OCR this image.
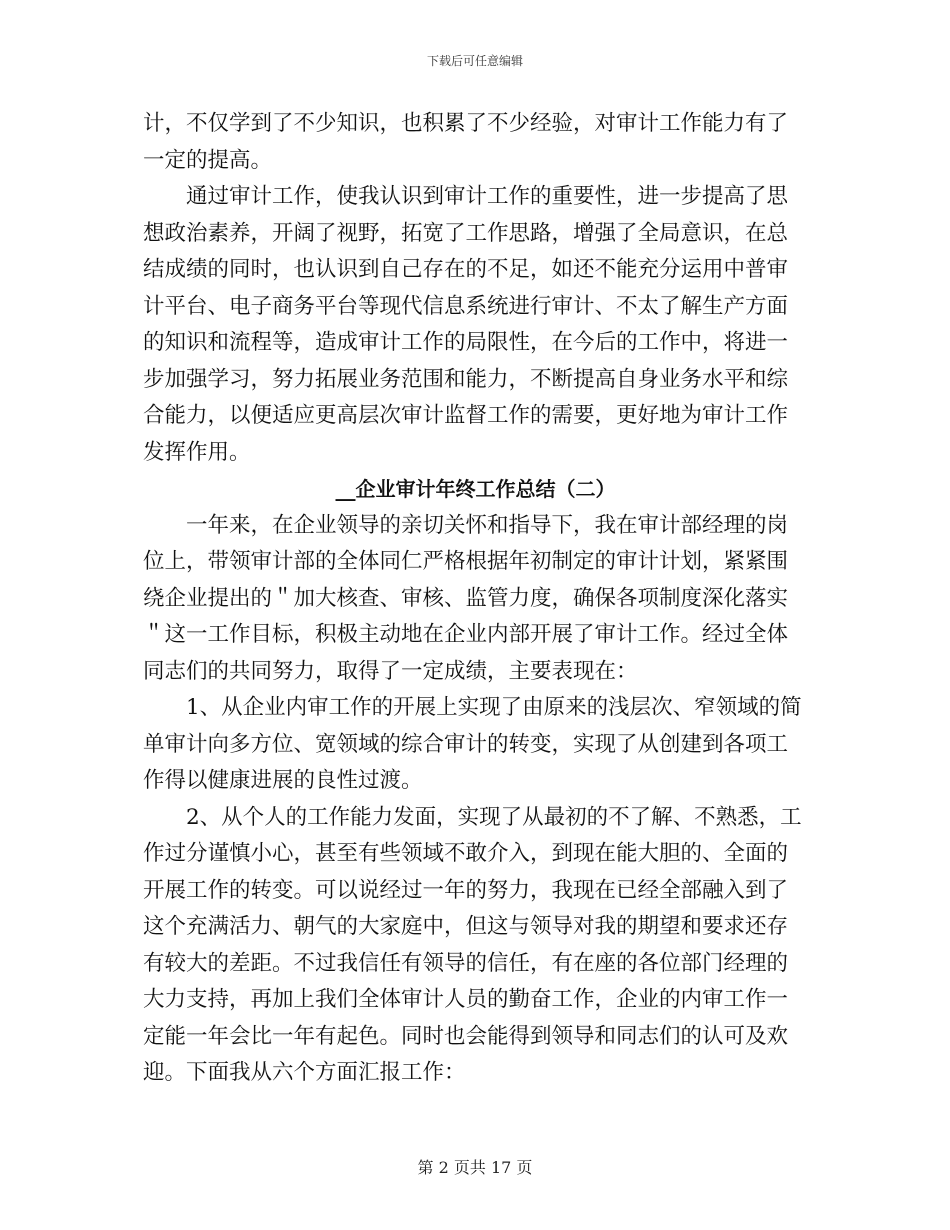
下载后可任意编辑
计，不仅学到了不少知识，也积累了不少经验，对审计工作能力有了
一定的提高。
　　通过审计工作，使我认识到审计工作的重要性，进一步提高了思
想政治素养，开阔了视野，拓宽了工作思路，增强了全局意识，在总
结成绩的同时，也认识到自己存在的不足，如还不能充分运用中普审
计平台、电子商务平台等现代信息系统进行审计、不太了解生产方面
的知识和流程等，造成审计工作的局限性，在今后的工作中，将进一
步加强学习，努力拓展业务范围和能力，不断提高自身业务水平和综
合能力，以便适应更高层次审计监督工作的需要，更好地为审计工作
发挥作用。
__企业审计年终工作总结（二）
　　一年来，在企业领导的亲切关怀和指导下，我在审计部经理的岗
位上，带领审计部的全体同仁严格根据年初制定的审计计划，紧紧围
绕企业提出的＂加大核查、审核、监管力度，确保各项制度深化落实
＂这一工作目标，积极主动地在企业内部开展了审计工作。经过全体
同志们的共同努力，取得了一定成绩，主要表现在：
　　1、从企业内审工作的开展上实现了由原来的浅层次、窄领域的简
单审计向多方位、宽领域的综合审计的转变，实现了从创建到各项工
作得以健康进展的良性过渡。
　　2、从个人的工作能力发面，实现了从最初的不了解、不熟悉，工
作过分谨慎小心，甚至有些领域不敢介入，到现在能大胆的、全面的
开展工作的转变。可以说经过一年的努力，我现在已经全部融入到了
这个充满活力、朝气的大家庭中，但这与领导对我的期望和要求还存
有较大的差距。不过我信任有领导的信任，有在座的各位部门经理的
大力支持，再加上我们全体审计人员的勤奋工作，企业的内审工作一
定能一年会比一年有起色。同时也会能得到领导和同志们的认可及欢
迎。下面我从六个方面汇报工作：
第 2 页共 17 页
